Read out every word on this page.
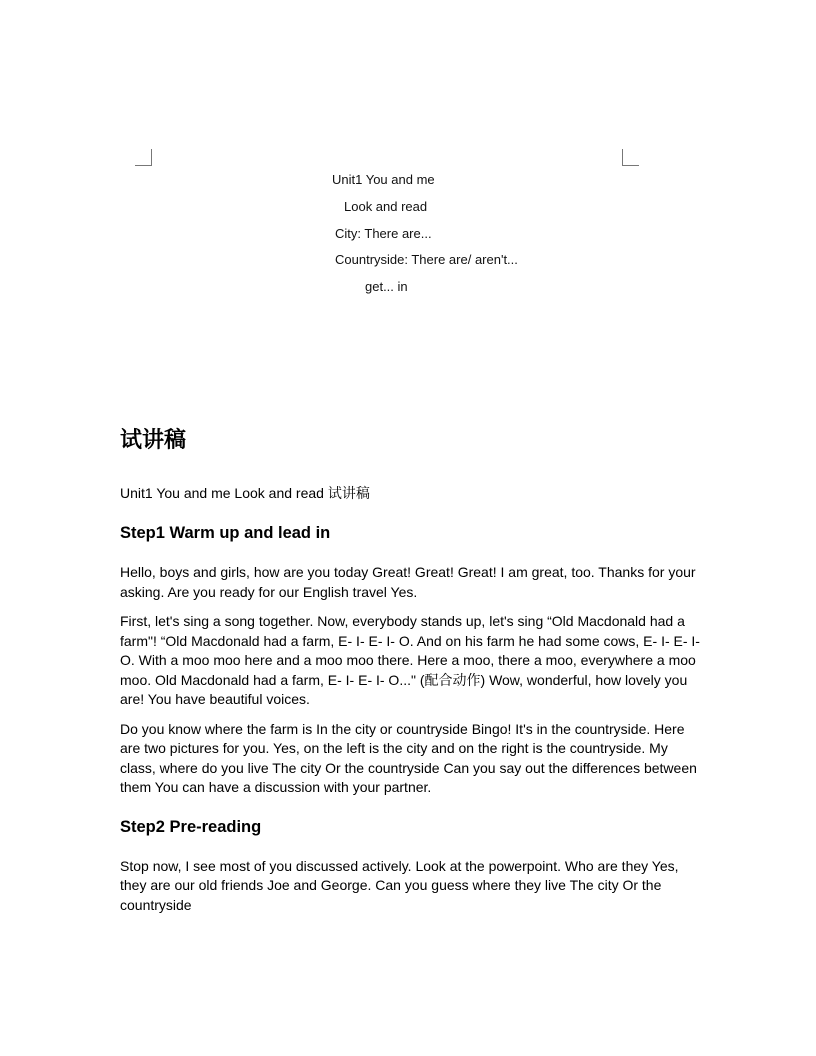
Unit1 You and me
Look and read
City: There are...
Countryside: There are/ aren't...
get... in
试讲稿
Unit1 You and me Look and read 试讲稿
Step1 Warm up and lead in

Hello, boys and girls, how are you today Great! Great! Great! I am great, too. Thanks for your asking. Are you ready for our English travel Yes.

First, let's sing a song together. Now, everybody stands up, let's sing “Old Macdonald had a farm"! “Old Macdonald had a farm, E- I- E- I- O. And on his farm he had some cows, E- I- E- I- O. With a moo moo here and a moo moo there. Here a moo, there a moo, everywhere a moo moo. Old Macdonald had a farm, E- I- E- I- O..." (配合动作) Wow, wonderful, how lovely you are! You have beautiful voices.

Do you know where the farm is In the city or countryside Bingo! It's in the countryside. Here are two pictures for you. Yes, on the left is the city and on the right is the countryside. My class, where do you live The city Or the countryside Can you say out the differences between them You can have a discussion with your partner.

Step2 Pre-reading

Stop now, I see most of you discussed actively. Look at the powerpoint. Who are they Yes, they are our old friends Joe and George. Can you guess where they live The city Or the countryside
